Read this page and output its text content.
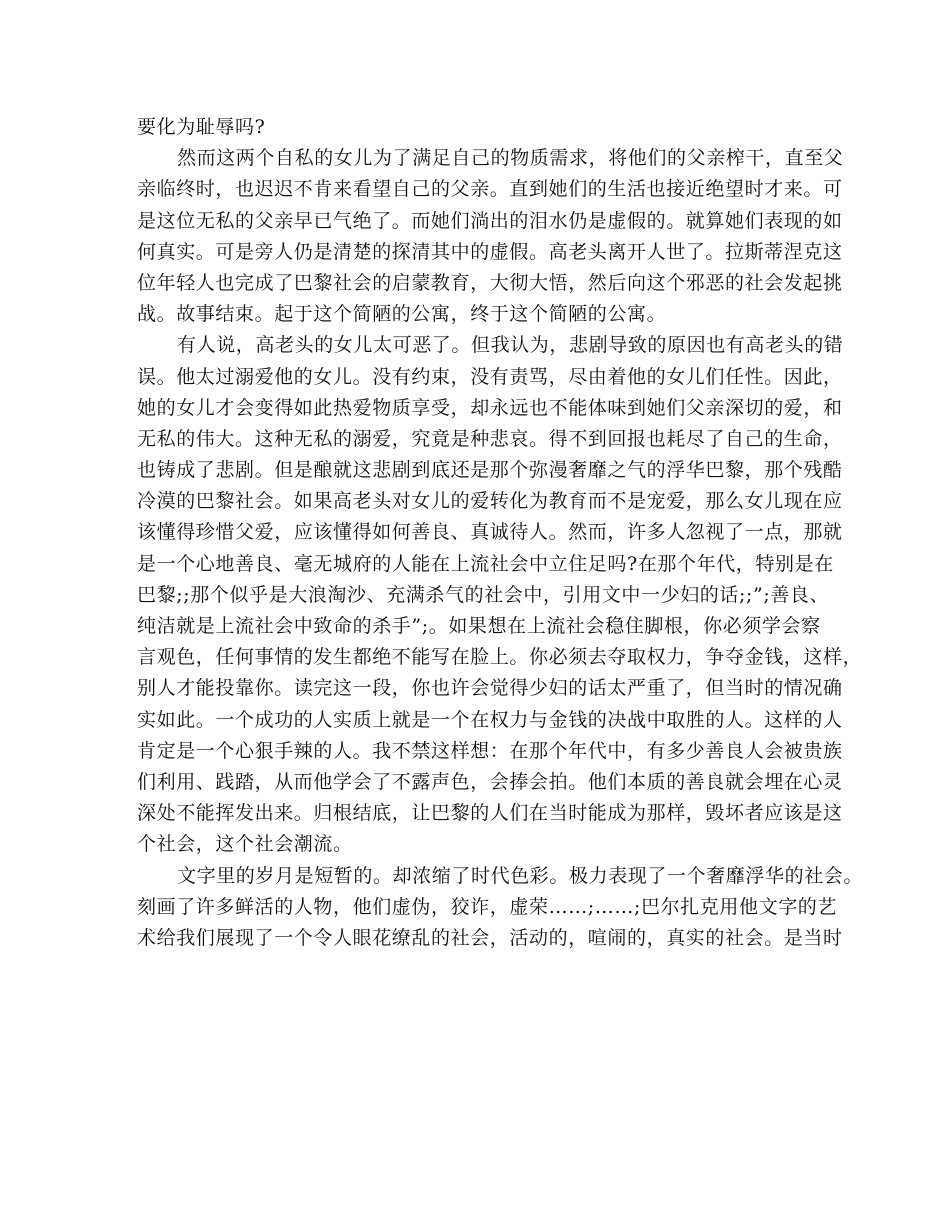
要化为耻辱吗?
然而这两个自私的女儿为了满足自己的物质需求，将他们的父亲榨干，直至父
亲临终时，也迟迟不肯来看望自己的父亲。直到她们的生活也接近绝望时才来。可
是这位无私的父亲早已气绝了。而她们淌出的泪水仍是虚假的。就算她们表现的如
何真实。可是旁人仍是清楚的探清其中的虚假。高老头离开人世了。拉斯蒂涅克这
位年轻人也完成了巴黎社会的启蒙教育，大彻大悟，然后向这个邪恶的社会发起挑
战。故事结束。起于这个简陋的公寓，终于这个简陋的公寓。
有人说，高老头的女儿太可恶了。但我认为，悲剧导致的原因也有高老头的错
误。他太过溺爱他的女儿。没有约束，没有责骂，尽由着他的女儿们任性。因此，
她的女儿才会变得如此热爱物质享受，却永远也不能体味到她们父亲深切的爱，和
无私的伟大。这种无私的溺爱，究竟是种悲哀。得不到回报也耗尽了自己的生命，
也铸成了悲剧。但是酿就这悲剧到底还是那个弥漫奢靡之气的浮华巴黎，那个残酷
冷漠的巴黎社会。如果高老头对女儿的爱转化为教育而不是宠爱，那么女儿现在应
该懂得珍惜父爱，应该懂得如何善良、真诚待人。然而，许多人忽视了一点，那就
是一个心地善良、毫无城府的人能在上流社会中立住足吗?在那个年代，特别是在
巴黎;;那个似乎是大浪淘沙、充满杀气的社会中，引用文中一少妇的话;;”;善良、
纯洁就是上流社会中致命的杀手”;。如果想在上流社会稳住脚根，你必须学会察
言观色，任何事情的发生都绝不能写在脸上。你必须去夺取权力，争夺金钱，这样，
别人才能投靠你。读完这一段，你也许会觉得少妇的话太严重了，但当时的情况确
实如此。一个成功的人实质上就是一个在权力与金钱的决战中取胜的人。这样的人
肯定是一个心狠手辣的人。我不禁这样想：在那个年代中，有多少善良人会被贵族
们利用、践踏，从而他学会了不露声色，会捧会拍。他们本质的善良就会埋在心灵
深处不能挥发出来。归根结底，让巴黎的人们在当时能成为那样，毁坏者应该是这
个社会，这个社会潮流。
文字里的岁月是短暂的。却浓缩了时代色彩。极力表现了一个奢靡浮华的社会。
刻画了许多鲜活的人物，他们虚伪，狡诈，虚荣……;……;巴尔扎克用他文字的艺
术给我们展现了一个令人眼花缭乱的社会，活动的，喧闹的，真实的社会。是当时
